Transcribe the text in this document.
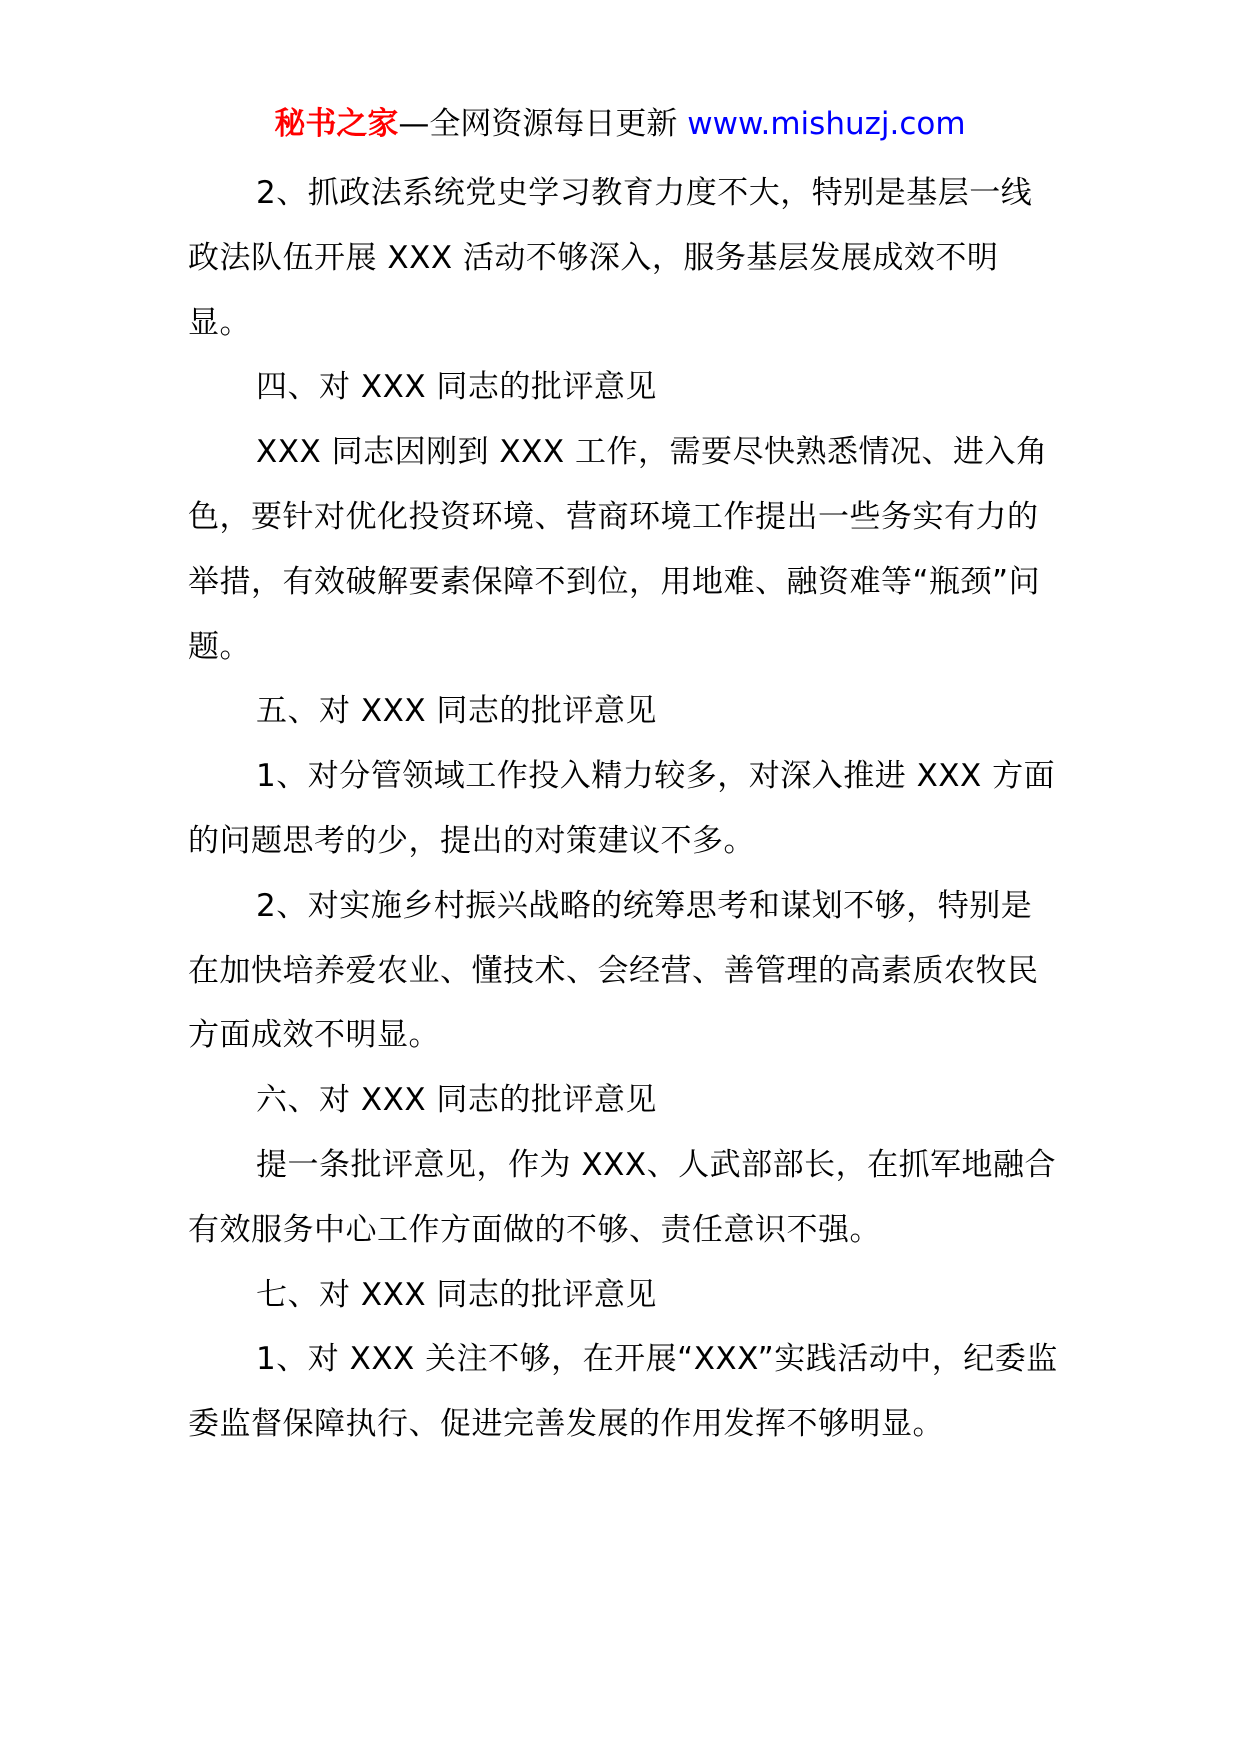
秘书之家—全网资源每日更新 www.mishuzj.com

2、抓政法系统党史学习教育力度不大，特别是基层一线政法队伍开展 XXX 活动不够深入，服务基层发展成效不明显。

四、对 XXX 同志的批评意见

XXX 同志因刚到 XXX 工作，需要尽快熟悉情况、进入角色，要针对优化投资环境、营商环境工作提出一些务实有力的举措，有效破解要素保障不到位，用地难、融资难等“瓶颈”问题。

五、对 XXX 同志的批评意见

1、对分管领域工作投入精力较多，对深入推进 XXX 方面的问题思考的少，提出的对策建议不多。

2、对实施乡村振兴战略的统筹思考和谋划不够，特别是在加快培养爱农业、懂技术、会经营、善管理的高素质农牧民方面成效不明显。

六、对 XXX 同志的批评意见

提一条批评意见，作为 XXX、人武部部长，在抓军地融合有效服务中心工作方面做的不够、责任意识不强。

七、对 XXX 同志的批评意见

1、对 XXX 关注不够，在开展“XXX”实践活动中，纪委监委监督保障执行、促进完善发展的作用发挥不够明显。
